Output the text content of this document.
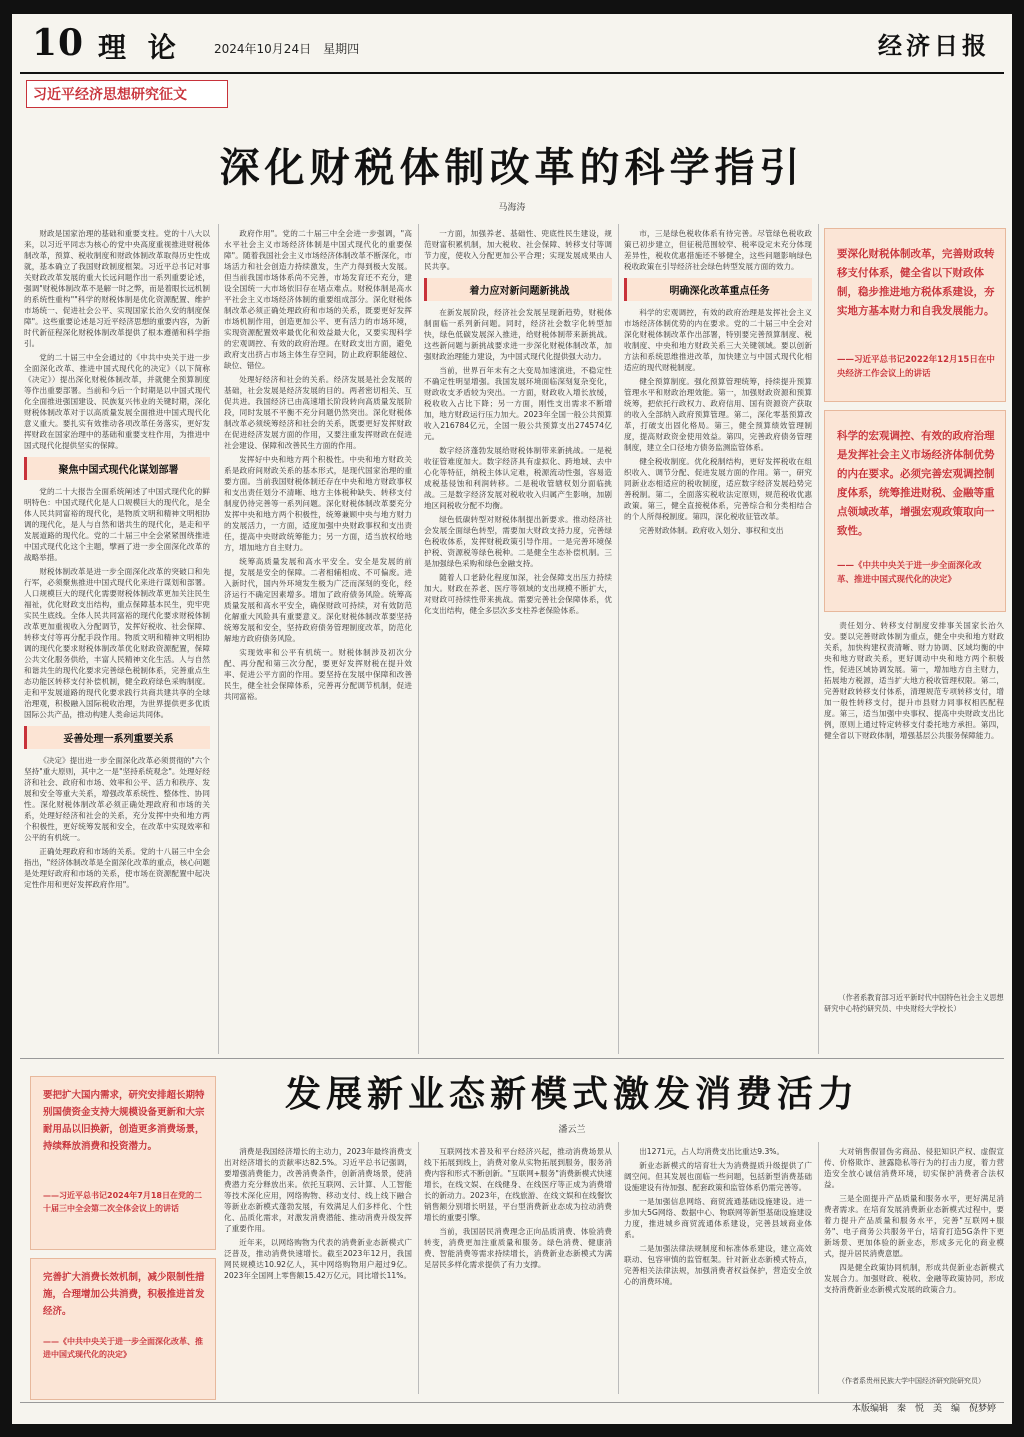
10 理 论	2024年10月24日　星期四	经济日报
习近平经济思想研究征文
深化财税体制改革的科学指引
马海涛

财政是国家治理的基础和重要支柱。党的十八大以来，以习近平同志为核心的党中央高度重视推进财税体制改革，预算、税收制度和财政体制改革取得历史性成就，基本确立了我国财政制度框架。习近平总书记对事关财政改革发展的重大长远问题作出一系列重要论述，强调"财税体制改革不是解一时之弊，而是着眼长远机制的系统性重构""科学的财税体制是优化资源配置、维护市场统一、促进社会公平、实现国家长治久安的制度保障"。这些重要论述是习近平经济思想的重要内容，为新时代新征程深化财税体制改革提供了根本遵循和科学指引。

党的二十届三中全会通过的《中共中央关于进一步全面深化改革、推进中国式现代化的决定》（以下简称《决定》）提出深化财税体制改革，并就健全预算制度等作出重要部署。当前和今后一个时期是以中国式现代化全面推进强国建设、民族复兴伟业的关键时期，深化财税体制改革对于以高质量发展全面推进中国式现代化意义重大。要扎实有效推动各项改革任务落实，更好发挥财政在国家治理中的基础和重要支柱作用，为推进中国式现代化提供坚实的保障。

聚焦中国式现代化谋划部署

党的二十大报告全面系统阐述了中国式现代化的鲜明特色：中国式现代化是人口规模巨大的现代化，是全体人民共同富裕的现代化，是物质文明和精神文明相协调的现代化，是人与自然和谐共生的现代化，是走和平发展道路的现代化。党的二十届三中全会紧紧围绕推进中国式现代化这个主题，擘画了进一步全面深化改革的战略举措。

财税体制改革是进一步全面深化改革的突破口和先行军，必须聚焦推进中国式现代化来进行谋划和部署。人口规模巨大的现代化需要财税体制改革更加关注民生福祉，优化财政支出结构，重点保障基本民生，兜牢兜实民生底线。全体人民共同富裕的现代化要求财税体制改革更加重视收入分配调节，发挥好税收、社会保障、转移支付等再分配手段作用。物质文明和精神文明相协调的现代化要求财税体制改革优化财政资源配置，保障公共文化服务供给，丰富人民精神文化生活。人与自然和谐共生的现代化要求完善绿色税制体系，完善重点生态功能区转移支付补偿机制，健全政府绿色采购制度。走和平发展道路的现代化要求践行共商共建共享的全球治理观，积极融入国际税收治理，为世界提供更多优质国际公共产品，推动构建人类命运共同体。

妥善处理一系列重要关系

《决定》提出进一步全面深化改革必须贯彻的"六个坚持"重大原则，其中之一是"坚持系统观念"。处理好经济和社会、政府和市场、效率和公平、活力和秩序、发展和安全等重大关系，增强改革系统性、整体性、协同性。深化财税体制改革必须正确处理政府和市场的关系，处理好经济和社会的关系，充分发挥中央和地方两个积极性，更好统筹发展和安全，在改革中实现效率和公平的有机统一。

正确处理政府和市场的关系。党的十八届三中全会指出，"经济体制改革是全面深化改革的重点，核心问题是处理好政府和市场的关系，使市场在资源配置中起决定性作用和更好发挥政府作用"。

政府作用"。党的二十届三中全会进一步强调，"高水平社会主义市场经济体制是中国式现代化的重要保障"。随着我国社会主义市场经济体制改革不断深化，市场活力和社会创造力持续激发，生产力得到极大发展。但当前我国市场体系尚不完善，市场发育还不充分，建设全国统一大市场依旧存在堵点难点。财税体制是高水平社会主义市场经济体制的重要组成部分。深化财税体制改革必须正确处理政府和市场的关系，既要更好发挥市场机制作用，创造更加公平、更有活力的市场环境，实现资源配置效率最优化和效益最大化，又要实现科学的宏观调控、有效的政府治理。在财政支出方面，避免政府支出挤占市场主体生存空间，防止政府职能越位、缺位、错位。

处理好经济和社会的关系。经济发展是社会发展的基础，社会发展是经济发展的目的。两者密切相关、互促共进。我国经济已由高速增长阶段转向高质量发展阶段，同时发展不平衡不充分问题仍然突出。深化财税体制改革必须统筹经济和社会的关系，既要更好发挥财政在促进经济发展方面的作用，又要注重发挥财政在促进社会建设、保障和改善民生方面的作用。

发挥好中央和地方两个积极性。中央和地方财政关系是政府间财政关系的基本形式，是现代国家治理的重要方面。当前我国财税体制还存在中央和地方财政事权和支出责任划分不清晰、地方主体税种缺失、转移支付制度仍待完善等一系列问题。深化财税体制改革要充分发挥中央和地方两个积极性，统筹兼顾中央与地方财力的发展活力，一方面，适度加强中央财政事权和支出责任，提高中央财政统筹能力；另一方面，适当放权给地方，增加地方自主财力。

统筹高质量发展和高水平安全。安全是发展的前提，发展是安全的保障。二者相辅相成、不可偏废。进入新时代，国内外环境发生极为广泛而深刻的变化，经济运行不确定因素增多。增加了政府债务风险。统筹高质量发展和高水平安全，确保财政可持续，对有效防范化解重大风险具有重要意义。深化财税体制改革要坚持统筹发展和安全，坚持政府债务管理制度改革，防范化解地方政府债务风险。

实现效率和公平有机统一。财税体制涉及初次分配、再分配和第三次分配，要更好发挥财税在提升效率、促进公平方面的作用。要坚持在发展中保障和改善民生，健全社会保障体系，完善再分配调节机制，促进共同富裕。

一方面，加强养老、基础性、兜底性民生建设，规范财富积累机制，加大税收、社会保障、转移支付等调节力度，使收入分配更加公平合理；实现发展成果由人民共享。

着力应对新问题新挑战

在新发展阶段，经济社会发展呈现新趋势，财税体制面临一系列新问题。同时，经济社会数字化转型加快，绿色低碳发展深入推进，给财税体制带来新挑战。这些新问题与新挑战要求进一步深化财税体制改革，加强财政治理能力建设，为中国式现代化提供强大动力。

当前，世界百年未有之大变局加速演进，不稳定性不确定性明显增强。我国发展环境面临深刻复杂变化，财政收支矛盾较为突出。一方面，财政收入增长放缓，税收收入占比下降；另一方面，刚性支出需求不断增加，地方财政运行压力加大。2023年全国一般公共预算收入216784亿元，全国一般公共预算支出274574亿元。

数字经济蓬勃发展给财税体制带来新挑战。一是税收征管难度加大。数字经济具有虚拟化、跨地域、去中心化等特征，纳税主体认定难，税源流动性强，容易造成税基侵蚀和利润转移。二是税收管辖权划分面临挑战。三是数字经济发展对税收收入归属产生影响，加剧地区间税收分配不均衡。

绿色低碳转型对财税体制提出新要求。推动经济社会发展全面绿色转型，需要加大财政支持力度，完善绿色税收体系，发挥财税政策引导作用。一是完善环境保护税、资源税等绿色税种。二是健全生态补偿机制。三是加强绿色采购和绿色金融支持。

随着人口老龄化程度加深，社会保障支出压力持续加大。财政在养老、医疗等领域的支出规模不断扩大，对财政可持续性带来挑战。需要完善社会保障体系，优化支出结构，健全多层次多支柱养老保险体系。

市，三是绿色税收体系有待完善。尽管绿色税收政策已初步建立，但征税范围较窄、税率设定未充分体现差异性，税收优惠措施还不够健全，这些问题影响绿色税收政策在引导经济社会绿色转型发展方面的效力。

明确深化改革重点任务

科学的宏观调控，有效的政府治理是发挥社会主义市场经济体制优势的内在要求。党的二十届三中全会对深化财税体制改革作出部署，特别要完善预算制度、税收制度、中央和地方财政关系三大关键领域。要以创新方法和系统思维推进改革，加快建立与中国式现代化相适应的现代财税制度。

健全预算制度。强化预算管理统筹，持续提升预算管理水平和财政治理效能。第一，加强财政资源和预算统筹，把依托行政权力、政府信用、国有资源资产获取的收入全部纳入政府预算管理。第二，深化零基预算改革，打破支出固化格局。第三，健全预算绩效管理制度，提高财政资金使用效益。第四，完善政府债务管理制度，建立全口径地方债务监测监管体系。

健全税收制度。优化税制结构，更好发挥税收在组织收入、调节分配、促进发展方面的作用。第一，研究同新业态相适应的税收制度，适应数字经济发展趋势完善税制。第二，全面落实税收法定原则，规范税收优惠政策。第三，健全直接税体系，完善综合和分类相结合的个人所得税制度。第四，深化税收征管改革。

完善财政体制。政府收入划分、事权和支出

要深化财税体制改革，完善财政转移支付体系，健全省以下财政体制，稳步推进地方税体系建设，夯实地方基本财力和自我发展能力。
——习近平总书记2022年12月15日在中央经济工作会议上的讲话
科学的宏观调控、有效的政府治理是发挥社会主义市场经济体制优势的内在要求。必须完善宏观调控制度体系，统筹推进财税、金融等重点领域改革，增强宏观政策取向一致性。
——《中共中央关于进一步全面深化改革、推进中国式现代化的决定》

责任划分、转移支付制度安排事关国家长治久安。要以完善财政体制为重点，健全中央和地方财政关系，加快构建权责清晰、财力协调、区域均衡的中央和地方财政关系，更好调动中央和地方两个积极性，促进区域协调发展。第一，增加地方自主财力，拓展地方税源，适当扩大地方税收管理权限。第二，完善财政转移支付体系，清理规范专项转移支付，增加一般性转移支付，提升市县财力同事权相匹配程度。第三，适当加强中央事权、提高中央财政支出比例，原则上通过特定转移支付委托地方承担。第四，健全省以下财政体制，增强基层公共服务保障能力。

（作者系教育部习近平新时代中国特色社会主义思想研究中心特约研究员、中央财经大学校长）

发展新业态新模式激发消费活力
潘云兰
要把扩大国内需求，研究安排超长期特别国债资金支持大规模设备更新和大宗耐用品以旧换新，创造更多消费场景，持续释放消费和投资潜力。
——习近平总书记2024年7月18日在党的二十届三中全会第二次全体会议上的讲话
完善扩大消费长效机制，减少限制性措施，合理增加公共消费，积极推进首发经济。
——《中共中央关于进一步全面深化改革、推进中国式现代化的决定》

消费是我国经济增长的主动力，2023年最终消费支出对经济增长的贡献率达82.5%。习近平总书记强调，要增强消费能力，改善消费条件，创新消费场景，使消费潜力充分释放出来。依托互联网、云计算、人工智能等技术深化应用，网络购物、移动支付、线上线下融合等新业态新模式蓬勃发展，有效满足人们多样化、个性化、品质化需求，对激发消费潜能、推动消费升级发挥了重要作用。

近年来，以网络购物为代表的消费新业态新模式广泛普及，推动消费快速增长。截至2023年12月，我国网民规模达10.92亿人，其中网络购物用户超过9亿。2023年全国网上零售额15.42万亿元，同比增长11%。

互联网技术普及和平台经济兴起，推动消费场景从线下拓展到线上，消费对象从实物拓展到服务，服务消费内容和形式不断创新。"互联网+服务"消费新模式快速增长，在线文娱、在线健身、在线医疗等正成为消费增长的新动力。2023年，在线旅游、在线文娱和在线餐饮销售额分别增长明显，平台型消费新业态成为拉动消费增长的重要引擎。

当前，我国居民消费理念正向品质消费、体验消费转变，消费更加注重质量和服务。绿色消费、健康消费、智能消费等需求持续增长，消费新业态新模式为满足居民多样化需求提供了有力支撑。

出1271元，占人均消费支出比重达9.3%。

新业态新模式的培育壮大为消费提质升级提供了广阔空间。但其发展也面临一些问题，包括新型消费基础设施建设有待加强、配套政策和监管体系仍需完善等。

一是加强信息网络、商贸流通基础设施建设。进一步加大5G网络、数据中心、物联网等新型基础设施建设力度，推进城乡商贸流通体系建设，完善县域商业体系。

二是加强法律法规制度和标准体系建设，建立高效联动、包容审慎的监管框架。针对新业态新模式特点，完善相关法律法规，加强消费者权益保护，营造安全放心的消费环境。

大对销售假冒伪劣商品、侵犯知识产权、虚假宣传、价格欺诈、泄露隐私等行为的打击力度，着力营造安全放心诚信消费环境，切实保护消费者合法权益。

三是全面提升产品质量和服务水平，更好满足消费者需求。在培育发展消费新业态新模式过程中，要着力提升产品质量和服务水平，完善"互联网+服务"、电子商务公共服务平台，培育打造5G条件下更新场景、更加体验的新业态，形成多元化的商业模式，提升居民消费意愿。

四是健全政策协同机制，形成共促新业态新模式发展合力。加强财政、税收、金融等政策协同，形成支持消费新业态新模式发展的政策合力。

（作者系贵州民族大学中国经济研究院研究员）

本版编辑　秦　悦　美　编　倪梦婷
